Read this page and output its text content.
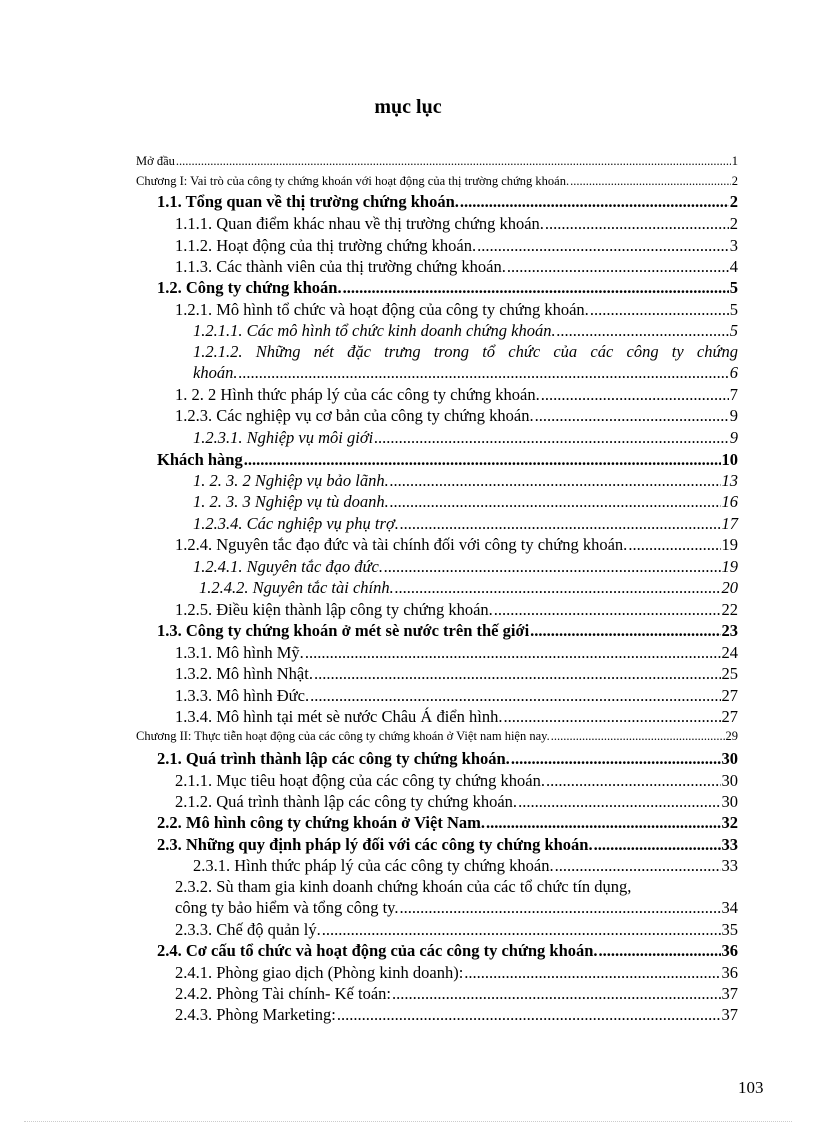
mục lục
Mở đầu .....	1
Chương I: Vai trò của công ty chứng khoán với hoạt động của thị trường chứng khoán. .....	2
1.1. Tổng quan về thị trường chứng khoán. .....	2
1.1.1. Quan điểm khác nhau về thị trường chứng khoán. .....	2
1.1.2. Hoạt động của thị trường chứng khoán. .....	3
1.1.3. Các thành viên của thị trường chứng khoán. .....	4
1.2. Công ty chứng khoán. .....	5
1.2.1. Mô hình tổ chức và hoạt động của công ty chứng khoán. .....	5
1.2.1.1. Các mô hình tổ chức kinh doanh chứng khoán. .....	5
1.2.1.2. Những nét đặc trưng trong tổ chức của các công ty chứng
khoán. .....	6
1. 2. 2 Hình thức pháp lý của các công ty chứng khoán. .....	7
1.2.3. Các nghiệp vụ cơ bản của công ty chứng khoán. .....	9
1.2.3.1. Nghiệp vụ môi giới .....	9
Khách hàng .....	10
1. 2. 3. 2 Nghiệp vụ bảo lãnh. .....	13
1. 2. 3. 3 Nghiệp vụ tù doanh. .....	16
1.2.3.4. Các nghiệp vụ phụ trợ. .....	17
1.2.4. Nguyên tắc đạo đức và tài chính đối với công ty chứng khoán. .....	19
1.2.4.1. Nguyên tắc đạo đức. .....	19
1.2.4.2. Nguyên tắc tài chính. .....	20
1.2.5. Điều kiện thành lập công ty chứng khoán. .....	22
1.3. Công ty chứng khoán ở mét sè nước trên thế giới .....	23
1.3.1. Mô hình Mỹ. .....	24
1.3.2. Mô hình Nhật. .....	25
1.3.3. Mô hình Đức. .....	27
1.3.4. Mô hình tại mét sè nước Châu Á điển hình. .....	27
Chương II: Thực tiễn hoạt động của các công ty chứng khoán ở Việt nam hiện nay. .....	29
2.1. Quá trình thành lập các công ty chứng khoán. .....	30
2.1.1. Mục tiêu hoạt động của các công ty chứng khoán. .....	30
2.1.2. Quá trình thành lập các công ty chứng khoán. .....	30
2.2. Mô hình công ty chứng khoán ở Việt Nam. .....	32
2.3. Những quy định pháp lý đối với các công ty chứng khoán. .....	33
2.3.1. Hình thức pháp lý của các công ty chứng khoán. .....	33
2.3.2. Sù tham gia kinh doanh chứng khoán của các tổ chức tín dụng,
công ty bảo hiểm và tổng công ty. .....	34
2.3.3. Chế độ quản lý. .....	35
2.4. Cơ cấu tổ chức và hoạt động của các công ty chứng khoán. .....	36
2.4.1. Phòng giao dịch (Phòng kinh doanh): .....	36
2.4.2. Phòng Tài chính- Kế toán: .....	37
2.4.3. Phòng Marketing: .....	37
103
